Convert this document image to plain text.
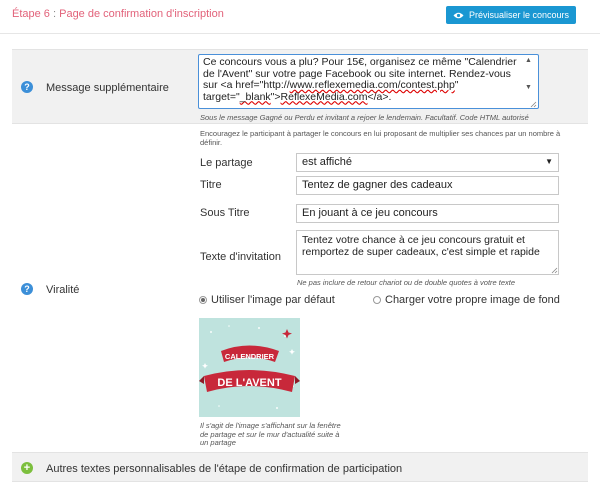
Étape 6 : Page de confirmation d'inscription	Prévisualiser le concours
? Message supplémentaire
Ce concours vous a plu? Pour 15€, organisez ce même "Calendrier
de l'Avent" sur votre page Facebook ou site internet. Rendez-vous
sur <a href="http://www.reflexemedia.com/contest.php"
target="_blank">ReflexeMedia.com</a>.
▲
▼
Sous le message Gagné ou Perdu et invitant a rejoer le lendemain. Facultatif. Code HTML autorisé
Encouragez le participant à partager le concours en lui proposant de multiplier ses chances par un nombre à
définir.
? Viralité
Le partage	est affiché	▼
Titre	Tentez de gagner des cadeaux
Sous Titre	En jouant à ce jeu concours
Texte d'invitation
Tentez votre chance à ce jeu concours gratuit et
remportez de super cadeaux, c'est simple et rapide
Ne pas inclure de retour chariot ou de double quotes à votre texte
Utiliser l'image par défaut	Charger votre propre image de fond
CALENDRIER
DE L'AVENT
Il s'agit de l'image s'affichant sur la fenêtre
de partage et sur le mur d'actualité suite à
un partage
+ Autres textes personnalisables de l'étape de confirmation de participation
